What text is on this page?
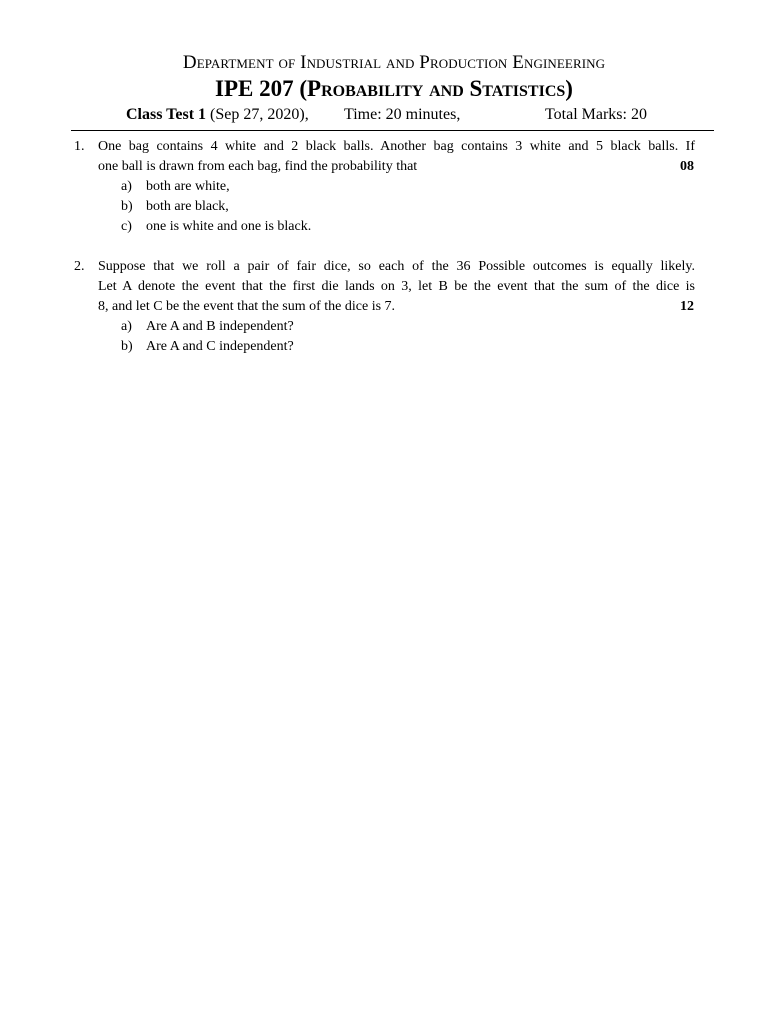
Department of Industrial and Production Engineering
IPE 207 (Probability and Statistics)
Class Test 1 (Sep 27, 2020), Time: 20 minutes,	Total Marks: 20
1. One bag contains 4 white and 2 black balls. Another bag contains 3 white and 5 black balls. If
one ball is drawn from each bag, find the probability that	08
a) both are white,
b) both are black,
c) one is white and one is black.
2. Suppose that we roll a pair of fair dice, so each of the 36 Possible outcomes is equally likely.
Let A denote the event that the first die lands on 3, let B be the event that the sum of the dice is
8, and let C be the event that the sum of the dice is 7.	12
a) Are A and B independent?
b) Are A and C independent?
